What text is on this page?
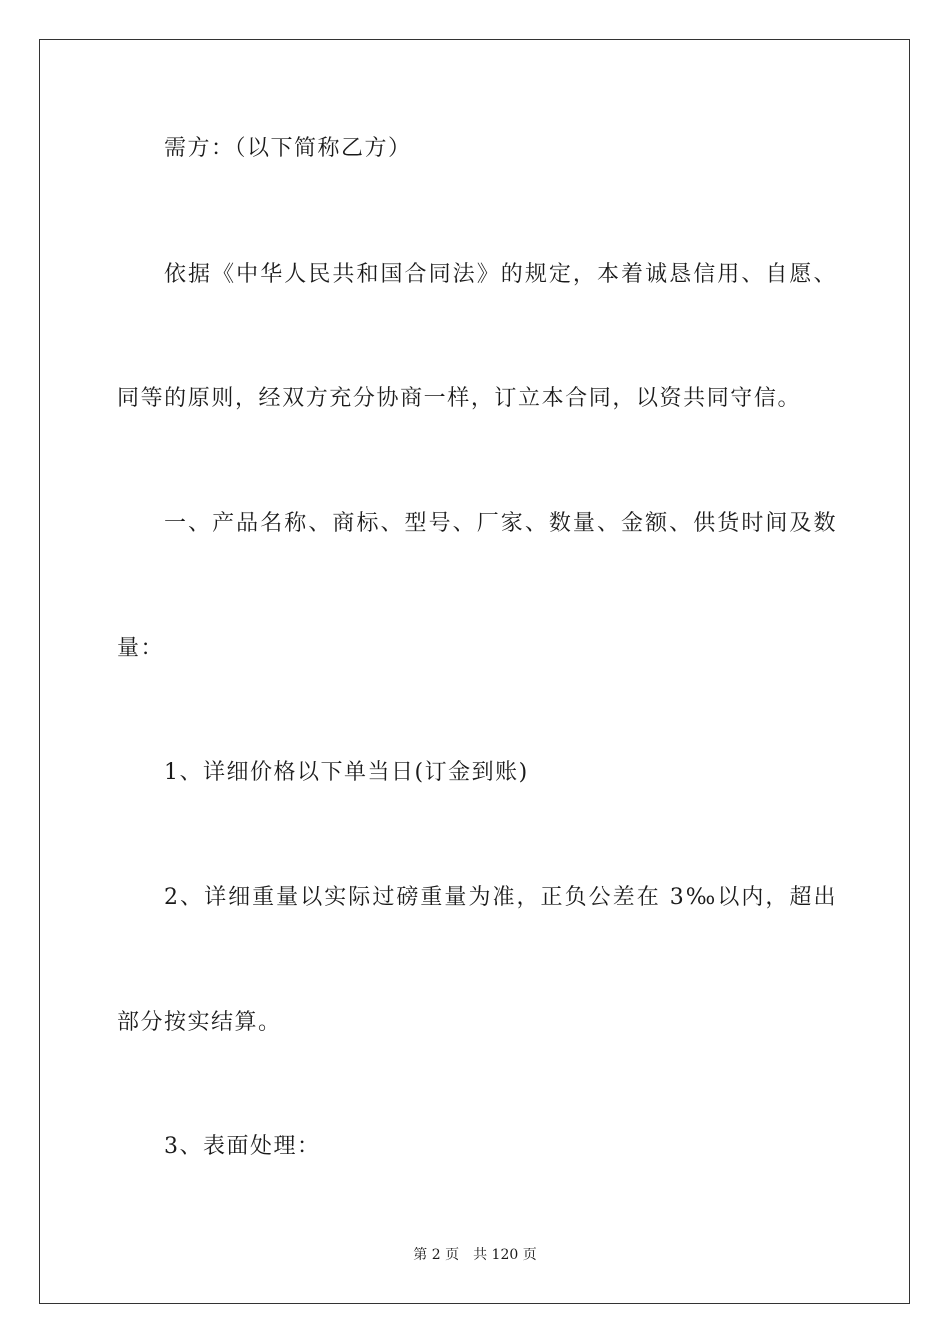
需方：（以下简称乙方）
依据《中华人民共和国合同法》的规定，本着诚恳信用、自愿、
同等的原则，经双方充分协商一样，订立本合同，以资共同守信。
一、产品名称、商标、型号、厂家、数量、金额、供货时间及数
量：
1、详细价格以下单当日(订金到账)
2、详细重量以实际过磅重量为准，正负公差在 3‰以内，超出
部分按实结算。
3、表面处理：
第 2 页 共 120 页
